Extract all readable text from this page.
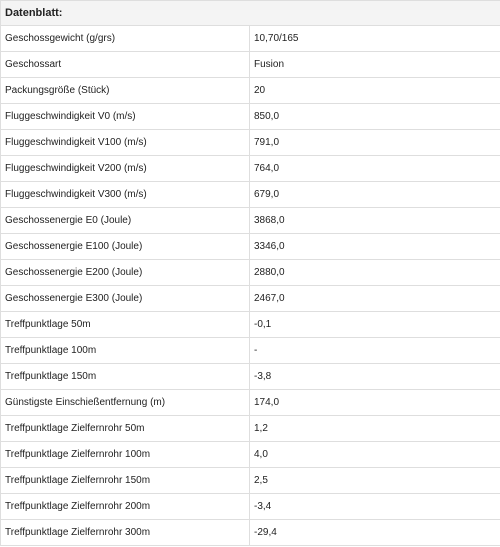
Datenblatt:	
Geschossgewicht (g/grs)	10,70/165
Geschossart	Fusion
Packungsgröße (Stück)	20
Fluggeschwindigkeit V0 (m/s)	850,0
Fluggeschwindigkeit V100 (m/s)	791,0
Fluggeschwindigkeit V200 (m/s)	764,0
Fluggeschwindigkeit V300 (m/s)	679,0
Geschossenergie E0 (Joule)	3868,0
Geschossenergie E100 (Joule)	3346,0
Geschossenergie E200 (Joule)	2880,0
Geschossenergie E300 (Joule)	2467,0
Treffpunktlage 50m	-0,1
Treffpunktlage 100m	-
Treffpunktlage 150m	-3,8
Günstigste Einschießentfernung (m)	174,0
Treffpunktlage Zielfernrohr 50m	1,2
Treffpunktlage Zielfernrohr 100m	4,0
Treffpunktlage Zielfernrohr 150m	2,5
Treffpunktlage Zielfernrohr 200m	-3,4
Treffpunktlage Zielfernrohr 300m	-29,4
